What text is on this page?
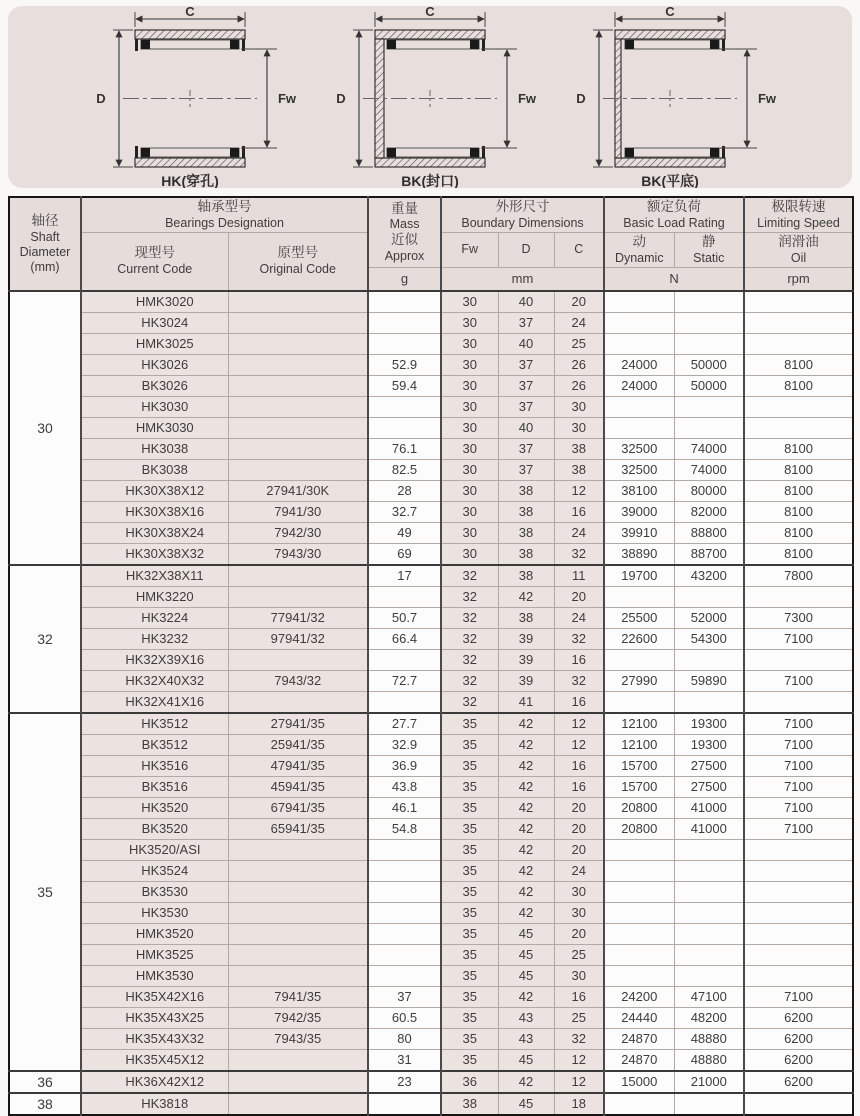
C
D	Fw
HK(穿孔)
C
D	Fw
BK(封口)
C
D	Fw
BK(平底)
轴径
Shaft
Diameter
(mm)	轴承型号
Bearings Designation		重量
Mass
近似
Approx	外形尺寸
Boundary Dimensions			额定负荷
Basic Load Rating		极限转速
Limiting Speed

	现型号
Current Code	原型号
Original Code		Fw	D	C	动
Dynamic	静
Static	润滑油
Oil

			g	mm			N		rpm
30	HMK3020			30	40	20			
	HK3024			30	37	24			
	HMK3025			30	40	25			
	HK3026		52.9	30	37	26	24000	50000	8100
	BK3026		59.4	30	37	26	24000	50000	8100
	HK3030			30	37	30			
	HMK3030			30	40	30			
	HK3038		76.1	30	37	38	32500	74000	8100
	BK3038		82.5	30	37	38	32500	74000	8100
	HK30X38X12	27941/30K	28	30	38	12	38100	80000	8100
	HK30X38X16	7941/30	32.7	30	38	16	39000	82000	8100
	HK30X38X24	7942/30	49	30	38	24	39910	88800	8100
	HK30X38X32	7943/30	69	30	38	32	38890	88700	8100
32	HK32X38X11		17	32	38	11	19700	43200	7800
	HMK3220			32	42	20			
	HK3224	77941/32	50.7	32	38	24	25500	52000	7300
	HK3232	97941/32	66.4	32	39	32	22600	54300	7100
	HK32X39X16			32	39	16			
	HK32X40X32	7943/32	72.7	32	39	32	27990	59890	7100
	HK32X41X16			32	41	16			
35	HK3512	27941/35	27.7	35	42	12	12100	19300	7100
	BK3512	25941/35	32.9	35	42	12	12100	19300	7100
	HK3516	47941/35	36.9	35	42	16	15700	27500	7100
	BK3516	45941/35	43.8	35	42	16	15700	27500	7100
	HK3520	67941/35	46.1	35	42	20	20800	41000	7100
	BK3520	65941/35	54.8	35	42	20	20800	41000	7100
	HK3520/ASI			35	42	20			
	HK3524			35	42	24			
	BK3530			35	42	30			
	HK3530			35	42	30			
	HMK3520			35	45	20			
	HMK3525			35	45	25			
	HMK3530			35	45	30			
	HK35X42X16	7941/35	37	35	42	16	24200	47100	7100
	HK35X43X25	7942/35	60.5	35	43	25	24440	48200	6200
	HK35X43X32	7943/35	80	35	43	32	24870	48880	6200
	HK35X45X12		31	35	45	12	24870	48880	6200
36	HK36X42X12		23	36	42	12	15000	21000	6200
38	HK3818			38	45	18			
